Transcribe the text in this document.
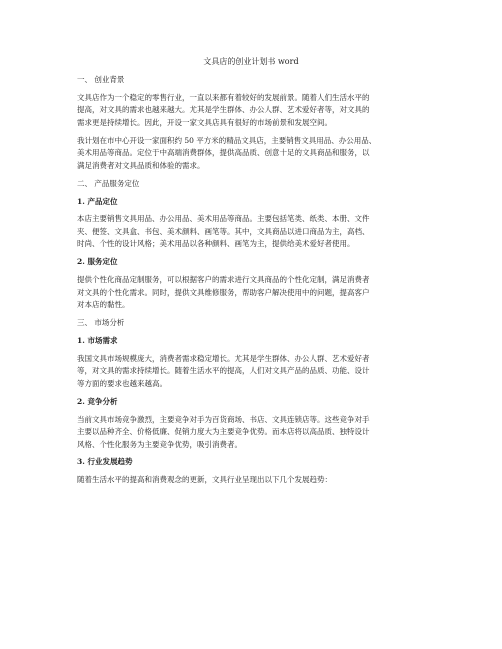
文具店的创业计划书 word
一、 创业背景
文具店作为一个稳定的零售行业，一直以来都有着较好的发展前景。随着人们生活水平的
提高，对文具的需求也越来越大。尤其是学生群体、办公人群、艺术爱好者等，对文具的
需求更是持续增长。因此，开设一家文具店具有很好的市场前景和发展空间。
我计划在市中心开设一家面积约 50 平方米的精品文具店，主要销售文具用品、办公用品、
美术用品等商品。定位于中高端消费群体，提供高品质、创意十足的文具商品和服务，以
满足消费者对文具品质和体验的需求。
二、 产品服务定位
1. 产品定位
本店主要销售文具用品、办公用品、美术用品等商品。主要包括笔类、纸类、本册、文件
夹、便签、文具盒、书包、美术颜料、画笔等。其中，文具商品以进口商品为主，高档、
时尚、个性的设计风格；美术用品以各种颜料、画笔为主，提供给美术爱好者使用。
2. 服务定位
提供个性化商品定制服务，可以根据客户的需求进行文具商品的个性化定制，满足消费者
对文具的个性化需求。同时，提供文具维修服务，帮助客户解决使用中的问题，提高客户
对本店的黏性。
三、 市场分析
1. 市场需求
我国文具市场规模庞大，消费者需求稳定增长。尤其是学生群体、办公人群、艺术爱好者
等，对文具的需求持续增长。随着生活水平的提高，人们对文具产品的品质、功能、设计
等方面的要求也越来越高。
2. 竞争分析
当前文具市场竞争激烈，主要竞争对手为百货商场、书店、文具连锁店等。这些竞争对手
主要以品种齐全、价格低廉、促销力度大为主要竞争优势。而本店将以高品质、独特设计
风格、个性化服务为主要竞争优势，吸引消费者。
3. 行业发展趋势
随着生活水平的提高和消费观念的更新，文具行业呈现出以下几个发展趋势：
